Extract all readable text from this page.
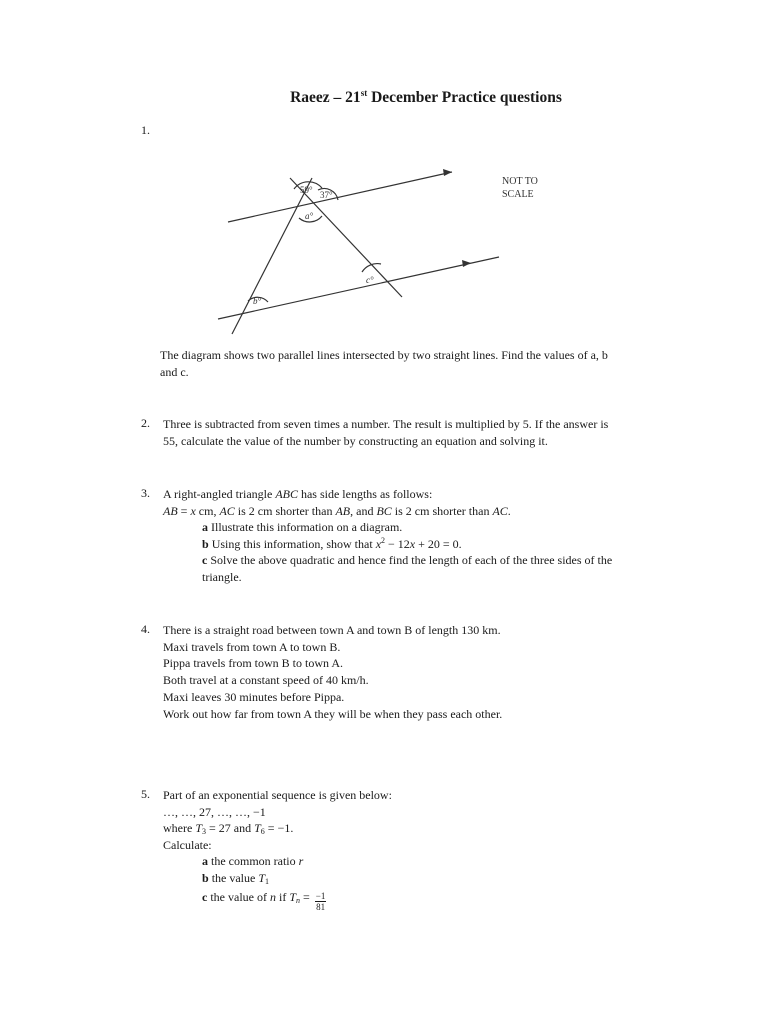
Raeez – 21st December Practice questions
1.
59° 37°
a°
c°
b°
NOT TO
SCALE
The diagram shows two parallel lines intersected by two straight lines. Find the values of a, b
and c.
2. Three is subtracted from seven times a number. The result is multiplied by 5. If the answer is
55, calculate the value of the number by constructing an equation and solving it.
3. A right-angled triangle ABC has side lengths as follows:
AB = x cm, AC is 2 cm shorter than AB, and BC is 2 cm shorter than AC.
a Illustrate this information on a diagram.
b Using this information, show that $x^2 - 12x + 20 = 0$.
c Solve the above quadratic and hence find the length of each of the three sides of the
triangle.
4. There is a straight road between town A and town B of length 130 km.
Maxi travels from town A to town B.
Pippa travels from town B to town A.
Both travel at a constant speed of 40 km/h.
Maxi leaves 30 minutes before Pippa.
Work out how far from town A they will be when they pass each other.
5. Part of an exponential sequence is given below:
…, …, 27, …, …, −1
where $T_3 = 27$ and $T_6 = -1$.
Calculate:
a the common ratio r
b the value $T_1$
c the value of n if $T_n = \frac{-1}{81}$
